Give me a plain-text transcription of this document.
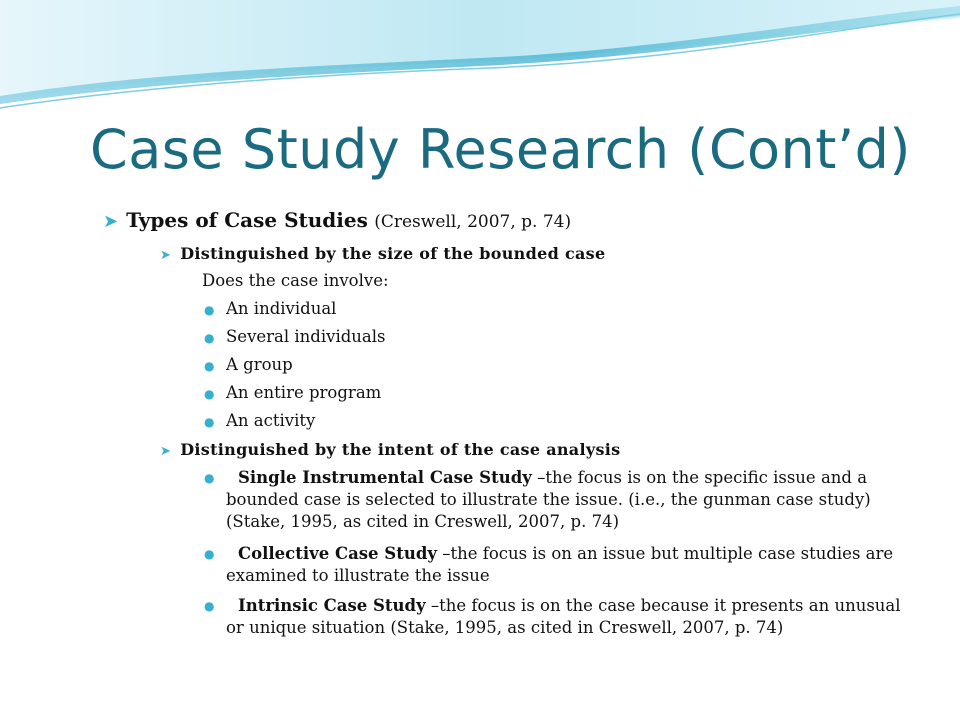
Case Study Research (Cont’d)
➤ Types of Case Studies (Creswell, 2007, p. 74)
➤ Distinguished by the size of the bounded case
Does the case involve:
● An individual
● Several individuals
● A group
● An entire program
● An activity
➤ Distinguished by the intent of the case analysis
●	Single Instrumental Case Study –the focus is on the specific issue and a bounded case is selected to illustrate the issue. (i.e., the gunman case study) (Stake, 1995, as cited in Creswell, 2007, p. 74)
●	Collective Case Study –the focus is on an issue but multiple case studies are examined to illustrate the issue
●	Intrinsic Case Study –the focus is on the case because it presents an unusual or unique situation (Stake, 1995, as cited in Creswell, 2007, p. 74)
